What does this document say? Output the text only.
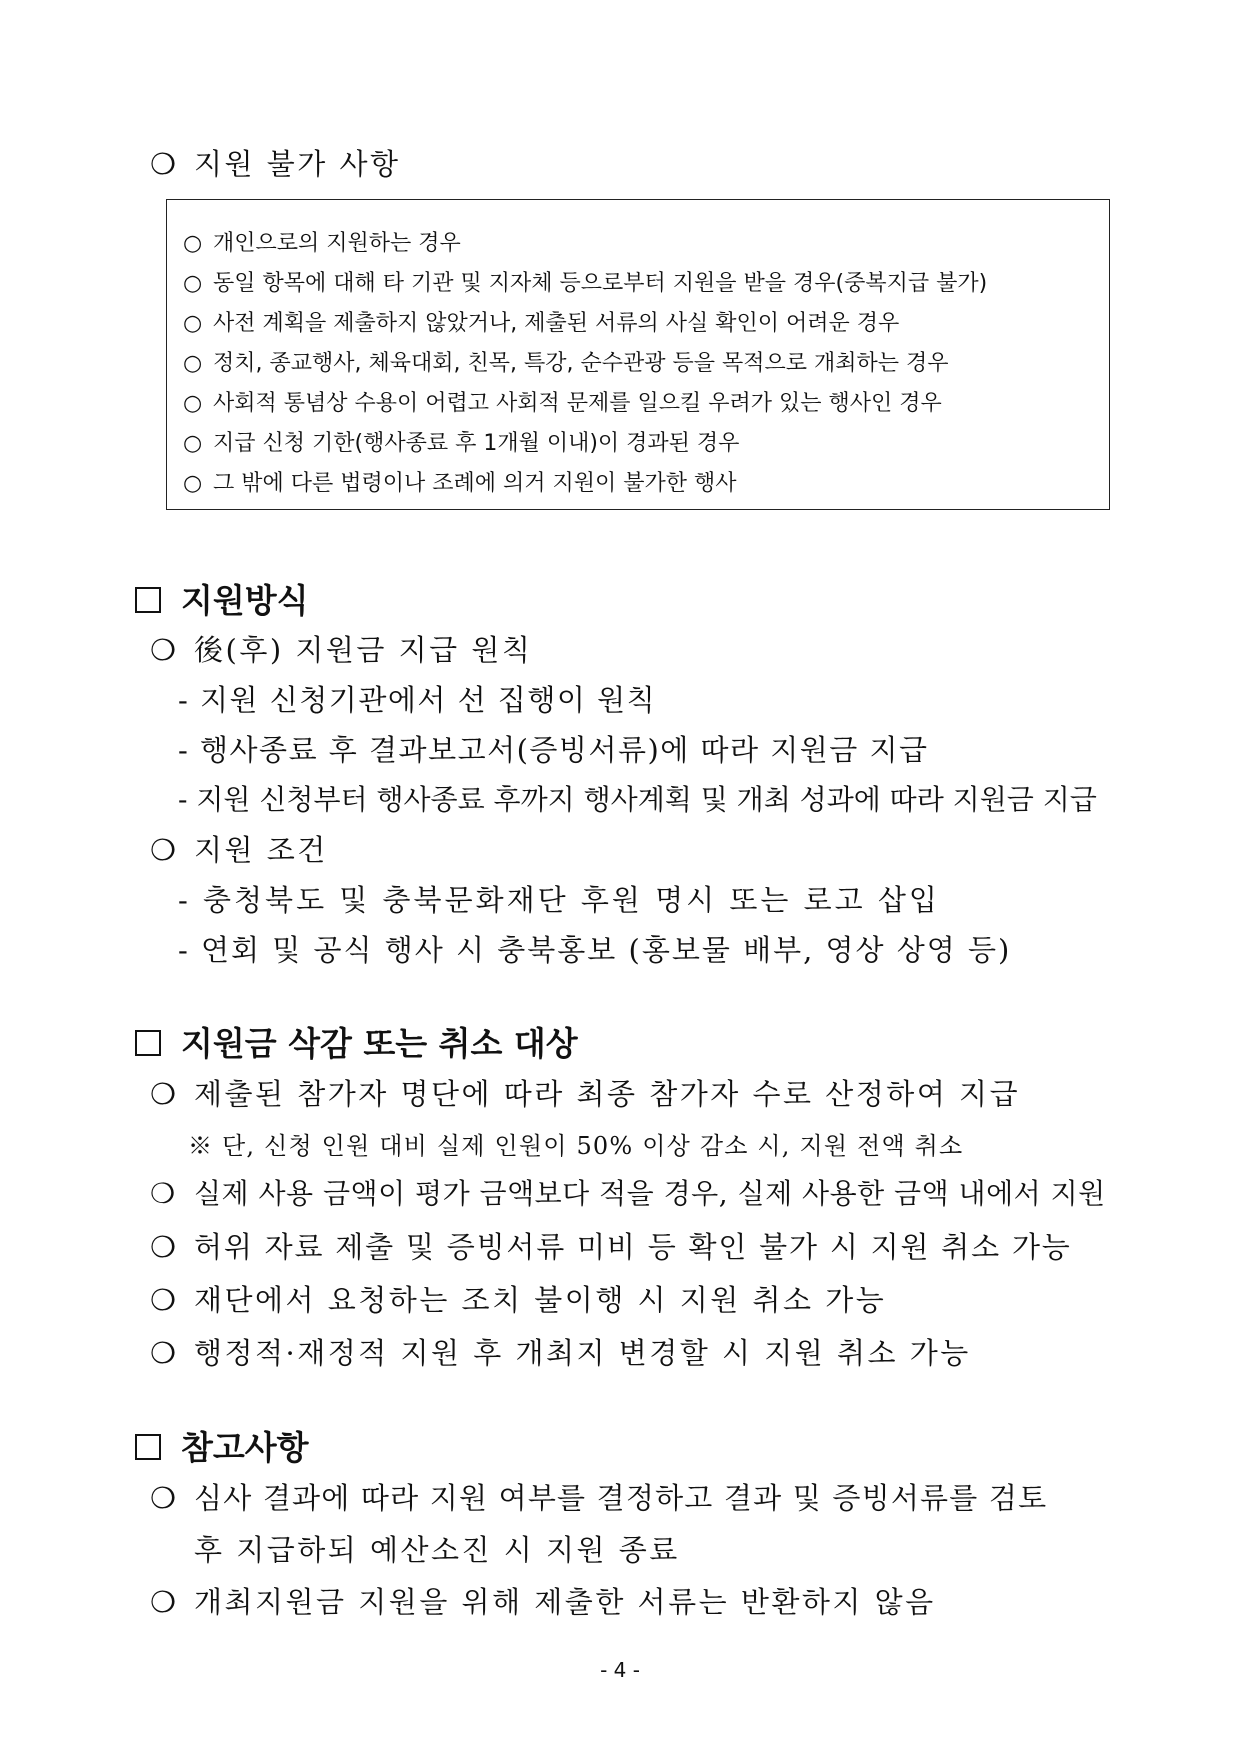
❍ 지원 불가 사항
○ 개인으로의 지원하는 경우
○ 동일 항목에 대해 타 기관 및 지자체 등으로부터 지원을 받을 경우(중복지급 불가)
○ 사전 계획을 제출하지 않았거나, 제출된 서류의 사실 확인이 어려운 경우
○ 정치, 종교행사, 체육대회, 친목, 특강, 순수관광 등을 목적으로 개최하는 경우
○ 사회적 통념상 수용이 어렵고 사회적 문제를 일으킬 우려가 있는 행사인 경우
○ 지급 신청 기한(행사종료 후 1개월 이내)이 경과된 경우
○ 그 밖에 다른 법령이나 조례에 의거 지원이 불가한 행사
지원방식
❍ 後(후) 지원금 지급 원칙
- 지원 신청기관에서 선 집행이 원칙
- 행사종료 후 결과보고서(증빙서류)에 따라 지원금 지급
- 지원 신청부터 행사종료 후까지 행사계획 및 개최 성과에 따라 지원금 지급
❍ 지원 조건
- 충청북도 및 충북문화재단 후원 명시 또는 로고 삽입
- 연회 및 공식 행사 시 충북홍보 (홍보물 배부, 영상 상영 등)
지원금 삭감 또는 취소 대상
❍ 제출된 참가자 명단에 따라 최종 참가자 수로 산정하여 지급
※ 단, 신청 인원 대비 실제 인원이 50% 이상 감소 시, 지원 전액 취소
❍ 실제 사용 금액이 평가 금액보다 적을 경우, 실제 사용한 금액 내에서 지원
❍ 허위 자료 제출 및 증빙서류 미비 등 확인 불가 시 지원 취소 가능
❍ 재단에서 요청하는 조치 불이행 시 지원 취소 가능
❍ 행정적·재정적 지원 후 개최지 변경할 시 지원 취소 가능
참고사항
❍ 심사 결과에 따라 지원 여부를 결정하고 결과 및 증빙서류를 검토
후 지급하되 예산소진 시 지원 종료
❍ 개최지원금 지원을 위해 제출한 서류는 반환하지 않음
- 4 -
